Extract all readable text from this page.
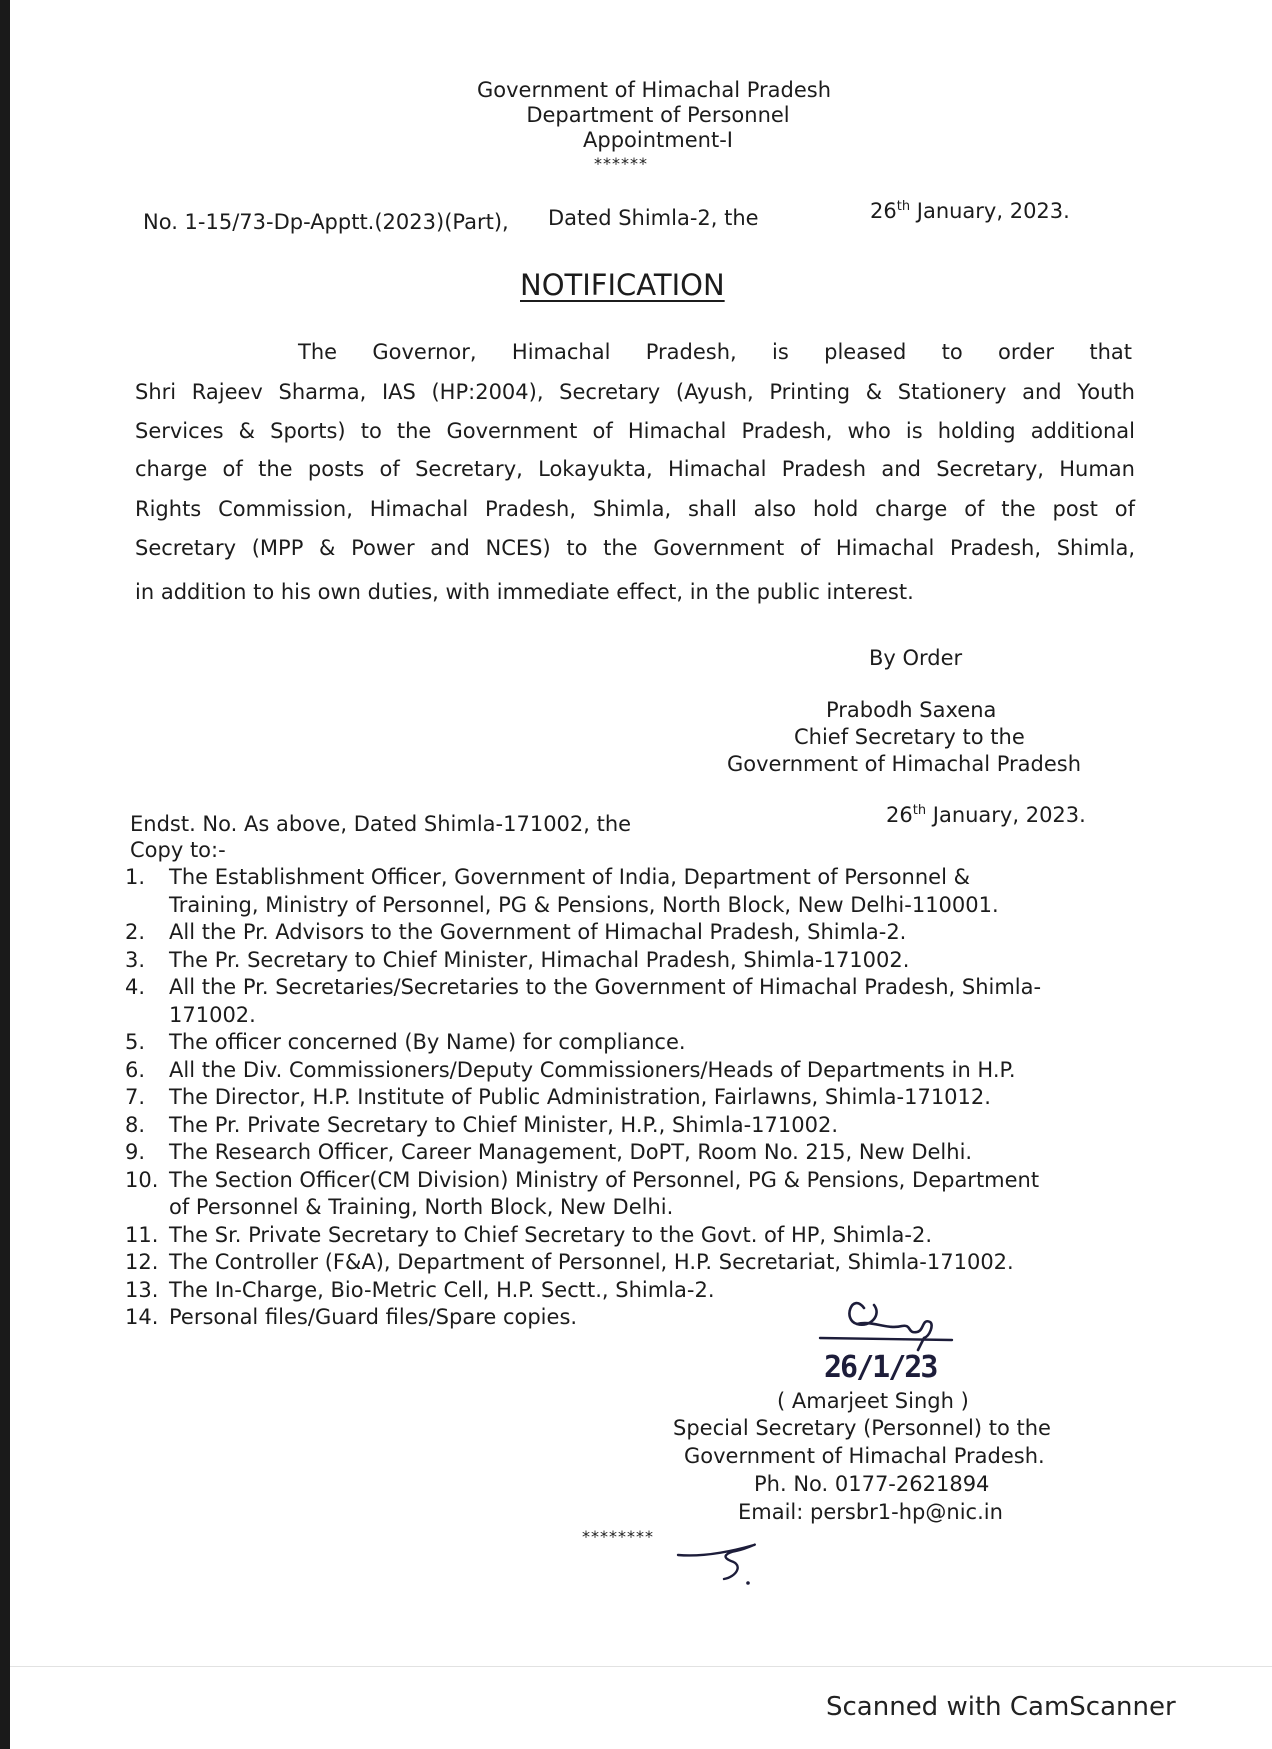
Government of Himachal Pradesh
Department of Personnel
Appointment-I
******
No. 1-15/73-Dp-Apptt.(2023)(Part), Dated Shimla-2, the	26th January, 2023.
NOTIFICATION
The Governor, Himachal Pradesh, is pleased to order that
Shri Rajeev Sharma, IAS (HP:2004), Secretary (Ayush, Printing & Stationery and Youth
Services & Sports) to the Government of Himachal Pradesh, who is holding additional
charge of the posts of Secretary, Lokayukta, Himachal Pradesh and Secretary, Human
Rights Commission, Himachal Pradesh, Shimla, shall also hold charge of the post of
Secretary (MPP & Power and NCES) to the Government of Himachal Pradesh, Shimla,
in addition to his own duties, with immediate effect, in the public interest.
By Order
Prabodh Saxena
Chief Secretary to the
Government of Himachal Pradesh
Endst. No. As above, Dated Shimla-171002, the	26th January, 2023.
Copy to:-
1.	The Establishment Officer, Government of India, Department of Personnel &
Training, Ministry of Personnel, PG & Pensions, North Block, New Delhi-110001.
2.	All the Pr. Advisors to the Government of Himachal Pradesh, Shimla-2.
3.	The Pr. Secretary to Chief Minister, Himachal Pradesh, Shimla-171002.
4.	All the Pr. Secretaries/Secretaries to the Government of Himachal Pradesh, Shimla-
171002.
5.	The officer concerned (By Name) for compliance.
6.	All the Div. Commissioners/Deputy Commissioners/Heads of Departments in H.P.
7.	The Director, H.P. Institute of Public Administration, Fairlawns, Shimla-171012.
8.	The Pr. Private Secretary to Chief Minister, H.P., Shimla-171002.
9.	The Research Officer, Career Management, DoPT, Room No. 215, New Delhi.
10. The Section Officer(CM Division) Ministry of Personnel, PG & Pensions, Department
of Personnel & Training, North Block, New Delhi.
11. The Sr. Private Secretary to Chief Secretary to the Govt. of HP, Shimla-2.
12. The Controller (F&A), Department of Personnel, H.P. Secretariat, Shimla-171002.
13. The In-Charge, Bio-Metric Cell, H.P. Sectt., Shimla-2.
14. Personal files/Guard files/Spare copies.
26/1/23
( Amarjeet Singh )
Special Secretary (Personnel) to the
Government of Himachal Pradesh.
Ph. No. 0177-2621894
Email: persbr1-hp@nic.in
********
Scanned with CamScanner
